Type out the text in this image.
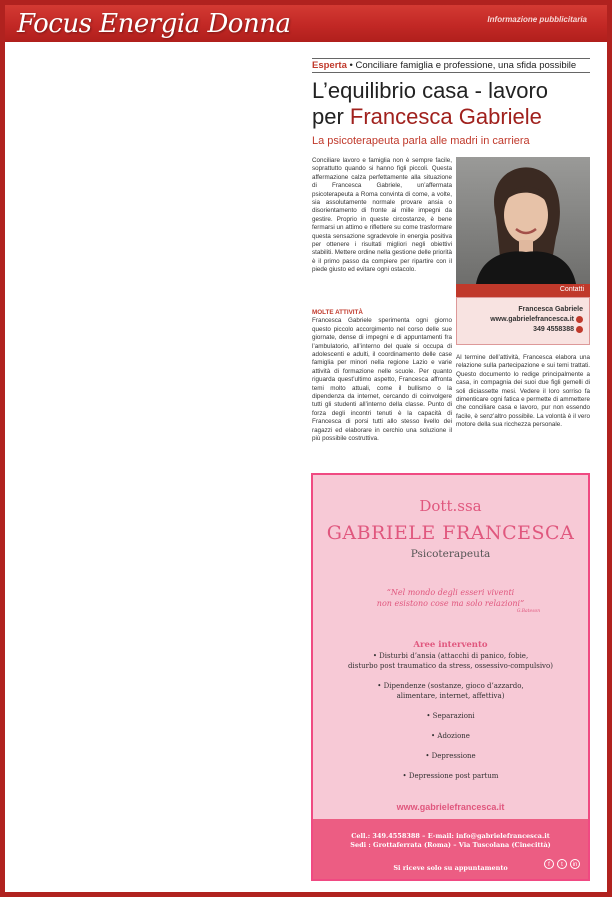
Focus Energia Donna	Informazione pubblicitaria
Esperta • Conciliare famiglia e professione, una sfida possibile
L’equilibrio casa - lavoro
per Francesca Gabriele
La psicoterapeuta parla alle madri in carriera
Conciliare lavoro e famiglia non è sempre facile, soprattutto quando si hanno figli piccoli. Questa affermazione calza perfettamente alla situazione di Francesca Gabriele, un’affermata psicoterapeuta a Roma convinta di come, a volte, sia assolutamente normale provare ansia o disorientamento di fronte ai mille impegni da gestire. Proprio in queste circostanze, è bene fermarsi un attimo e riflettere su come trasformare questa sensazione sgradevole in energia positiva per ottenere i risultati migliori negli obiettivi stabiliti. Mettere ordine nella gestione delle priorità è il primo passo da compiere per ripartire con il piede giusto ed evitare ogni ostacolo.
MOLTE ATTIVITÀ
Francesca Gabriele sperimenta ogni giorno questo piccolo accorgimento nel corso delle sue giornate, dense di impegni e di appuntamenti fra l’ambulatorio, all’interno del quale si occupa di adolescenti e adulti, il coordinamento delle case famiglia per minori nella regione Lazio e varie attività di formazione nelle scuole. Per quanto riguarda quest’ultimo aspetto, Francesca affronta temi molto attuali, come il bullismo o la dipendenza da internet, cercando di coinvolgere tutti gli studenti all’interno della classe. Punto di forza degli incontri tenuti è la capacità di Francesca di porsi tutti allo stesso livello dei ragazzi ed elaborare in cerchio una soluzione il più possibile costruttiva.
Al termine dell’attività, Francesca elabora una relazione sulla partecipazione e sui temi trattati. Questo documento lo redige principalmente a casa, in compagnia dei suoi due figli gemelli di soli diciassette mesi. Vedere il loro sorriso fa dimenticare ogni fatica e permette di ammettere che conciliare casa e lavoro, pur non essendo facile, è senz’altro possibile. La volontà è il vero motore della sua ricchezza personale.
Contatti
Francesca Gabriele
www.gabrielefrancesca.it
349 4558388
Dott.ssa
GABRIELE FRANCESCA
Psicoterapeuta
“Nel mondo degli esseri viventi
non esistono cose ma solo relazioni”
G.Bateson
Aree intervento
• Disturbi d’ansia (attacchi di panico, fobie,
disturbo post traumatico da stress, ossessivo-compulsivo)
• Dipendenze (sostanze, gioco d’azzardo,
alimentare, internet, affettiva)
• Separazioni
• Adozione
• Depressione
• Depressione post partum
www.gabrielefrancesca.it
Cell.: 349.4558388 – E-mail: info@gabrielefrancesca.it
Sedi : Grottaferrata (Roma) – Via Tuscolana (Cinecittà)
Si riceve solo su appuntamento	f	t	in
